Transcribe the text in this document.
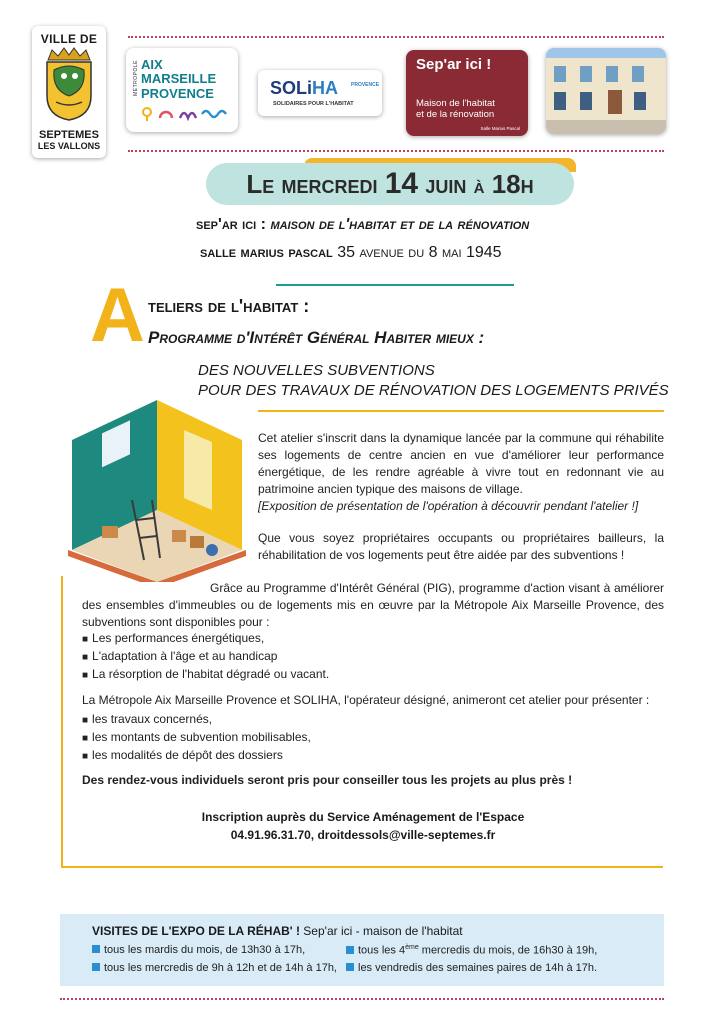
VILLE DE
SEPTEMES
LES VALLONS
MÉTROPOLE AIX
MARSEILLE
PROVENCE	SOLiHA	PROVENCE
SOLIDAIRES POUR L'HABITAT
Sep'ar ici !
Maison de l'habitat
et de la rénovation
Salle Marius Pascal
Le mercredi 14 juin à 18h
sep'ar ici : maison de l'habitat et de la rénovation
salle marius pascal 35 avenue du 8 mai 1945
A teliers de l'habitat :
Programme d'Intérêt Général Habiter mieux :
DES NOUVELLES SUBVENTIONS
POUR DES TRAVAUX DE RÉNOVATION DES LOGEMENTS PRIVÉS
Cet atelier s'inscrit dans la dynamique lancée par la commune qui réhabilite ses logements de centre ancien en vue d'améliorer leur performance énergétique, de les rendre agréable à vivre tout en redonnant vie au patrimoine ancien typique des maisons de village.
[Exposition de présentation de l'opération à découvrir pendant l'atelier !]
Que vous soyez propriétaires occupants ou propriétaires bailleurs, la réhabilitation de vos logements peut être aidée par des subventions !
Grâce au Programme d'Intérêt Général (PIG), programme d'action visant à améliorer des ensembles d'immeubles ou de logements mis en œuvre par la Métropole Aix Marseille Provence, des subventions sont disponibles pour :
■ Les performances énergétiques,
■ L'adaptation à l'âge et au handicap
■ La résorption de l'habitat dégradé ou vacant.
La Métropole Aix Marseille Provence et SOLIHA, l'opérateur désigné, animeront cet atelier pour présenter :
■ les travaux concernés,
■ les montants de subvention mobilisables,
■ les modalités de dépôt des dossiers
Des rendez-vous individuels seront pris pour conseiller tous les projets au plus près !
Inscription auprès du Service Aménagement de l'Espace
04.91.96.31.70, droitdessols@ville-septemes.fr
VISITES DE L'EXPO DE LA RÉHAB' ! Sep'ar ici - maison de l'habitat
tous les mardis du mois, de 13h30 à 17h,
tous les mercredis de 9h à 12h et de 14h à 17h,
tous les 4ème mercredis du mois, de 16h30 à 19h,
les vendredis des semaines paires de 14h à 17h.
